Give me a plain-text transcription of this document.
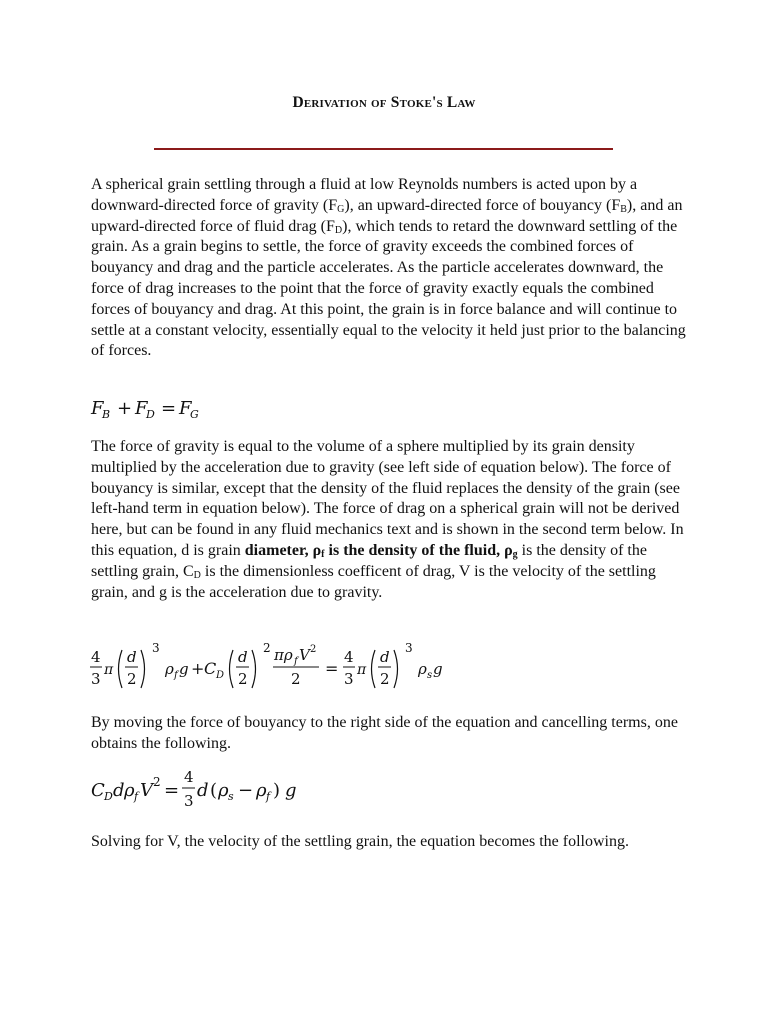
Derivation of Stoke's Law

A spherical grain settling through a fluid at low Reynolds numbers is acted upon by a downward-directed force of gravity $(F_G)$, an upward-directed force of bouyancy $(F_B)$, and an upward-directed force of fluid drag $(F_D)$, which tends to retard the downward settling of the grain. As a grain begins to settle, the force of gravity exceeds the combined forces of bouyancy and drag and the particle accelerates. As the particle accelerates downward, the force of drag increases to the point that the force of gravity exactly equals the combined forces of bouyancy and drag. At this point, the grain is in force balance and will continue to settle at a constant velocity, essentially equal to the velocity it held just prior to the balancing of forces.

F
B + F
D = F
G

The force of gravity is equal to the volume of a sphere multiplied by its grain density multiplied by the acceleration due to gravity (see left side of equation below). The force of bouyancy is similar, except that the density of the fluid replaces the density of the grain (see left-hand term in equation below). The force of drag on a spherical grain will not be derived here, but can be found in any fluid mechanics text and is shown in the second term below. In this equation, d is grain diameter, $\rho_f$ is the density of the fluid, $\rho_g$ is the density of the settling grain, $C_D$ is the dimensionless coefficent of drag, V is the velocity of the settling grain, and g is the acceleration due to gravity.

4
3 π
d
2
3
ρ f g + C D
d
2
2 πρ f V 2
2
=
4
3 π
d
2
3
ρ s g

By moving the force of bouyancy to the right side of the equation and cancelling terms, one obtains the following.

C D d ρ f V 2 =
4
3 d ( ρ s − ρ f ) g

Solving for V, the velocity of the settling grain, the equation becomes the following.
